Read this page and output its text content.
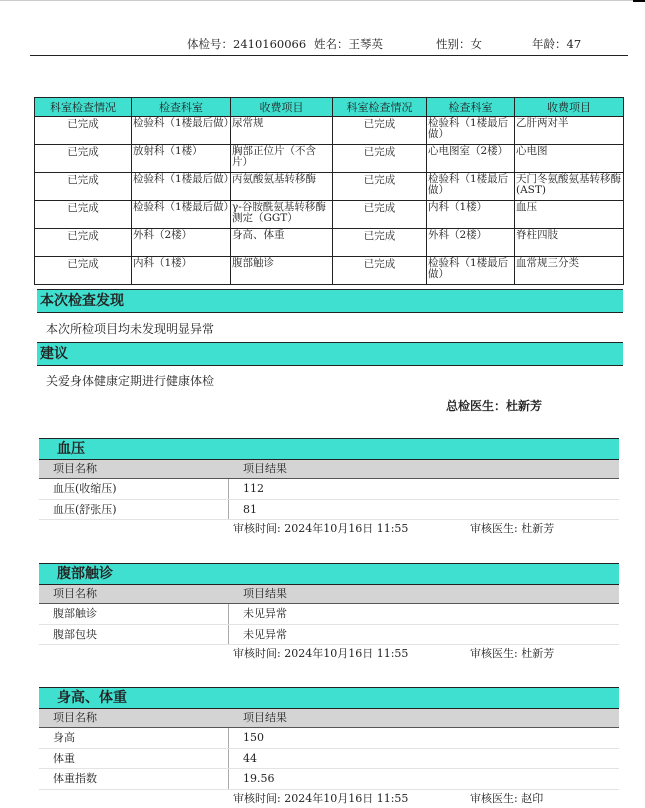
体检号：2410160066 姓名：王琴英	性别：女	年龄：47
科室检查情况	检查科室	收费项目	科室检查情况	检查科室	收费项目
已完成	检验科（1楼最后做）	尿常规	已完成	检验科（1楼最后做）	乙肝两对半
已完成	放射科（1楼）	胸部正位片（不含片）	已完成	心电图室（2楼）	心电图
已完成	检验科（1楼最后做）	丙氨酸氨基转移酶	已完成	检验科（1楼最后做）	天门冬氨酸氨基转移酶(AST)
已完成	检验科（1楼最后做）	γ-谷胺酰氨基转移酶测定（GGT）	已完成	内科（1楼）	血压
已完成	外科（2楼）	身高、体重	已完成	外科（2楼）	脊柱四肢
已完成	内科（1楼）	腹部触诊	已完成	检验科（1楼最后做）	血常规三分类
本次检查发现
本次所检项目均未发现明显异常
建议
关爱身体健康定期进行健康体检
总检医生：杜新芳
血压
项目名称	项目结果
血压(收缩压)	112
血压(舒张压)	81
审核时间: 2024年10月16日 11:55	审核医生: 杜新芳
腹部触诊
项目名称	项目结果
腹部触诊	未见异常
腹部包块	未见异常
审核时间: 2024年10月16日 11:55	审核医生: 杜新芳
身高、体重
项目名称	项目结果
身高	150
体重	44
体重指数	19.56
审核时间: 2024年10月16日 11:55	审核医生: 赵印
